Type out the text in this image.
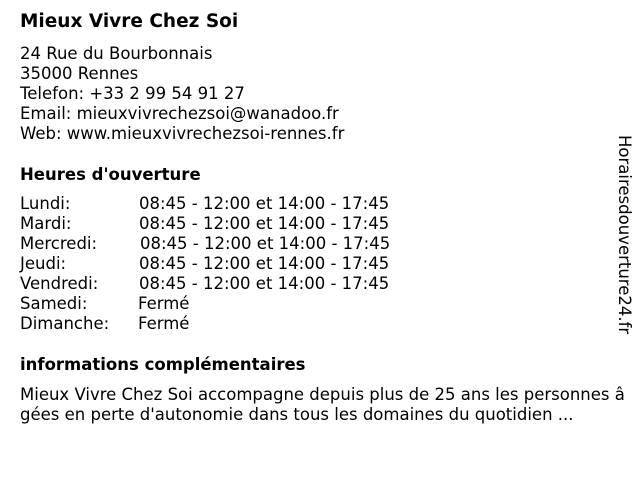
Mieux Vivre Chez Soi
24 Rue du Bourbonnais
35000 Rennes
Telefon: +33 2 99 54 91 27
Email: mieuxvivrechezsoi@wanadoo.fr
Web: www.mieuxvivrechezsoi-rennes.fr
Heures d'ouverture
Lundi:	08:45 - 12:00 et 14:00 - 17:45
Mardi:	08:45 - 12:00 et 14:00 - 17:45
Mercredi:	08:45 - 12:00 et 14:00 - 17:45
Jeudi:	08:45 - 12:00 et 14:00 - 17:45
Vendredi: 08:45 - 12:00 et 14:00 - 17:45
Samedi:	Fermé
Dimanche: Fermé
informations complémentaires
Mieux Vivre Chez Soi accompagne depuis plus de 25 ans les personnes âgées en perte d'autonomie dans tous les domaines du quotidien ...
Horairesdouverture24.fr
